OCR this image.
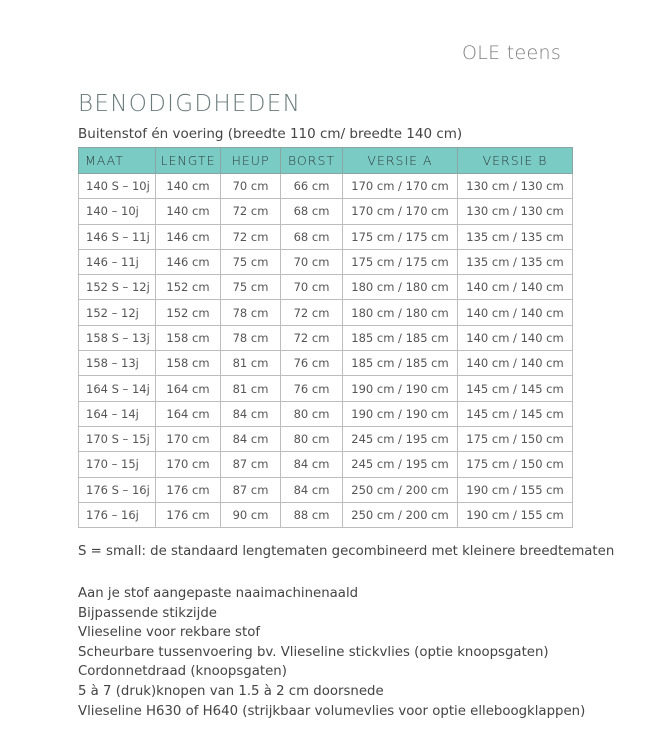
OLE teens
BENODIGDHEDEN
Buitenstof én voering (breedte 110 cm/ breedte 140 cm)
MAAT	LENGTE	HEUP	BORST	VERSIE A	VERSIE B
140 S – 10j	140 cm	70 cm	66 cm	170 cm / 170 cm	130 cm / 130 cm
140 – 10j	140 cm	72 cm	68 cm	170 cm / 170 cm	130 cm / 130 cm
146 S – 11j	146 cm	72 cm	68 cm	175 cm / 175 cm	135 cm / 135 cm
146 – 11j	146 cm	75 cm	70 cm	175 cm / 175 cm	135 cm / 135 cm
152 S – 12j	152 cm	75 cm	70 cm	180 cm / 180 cm	140 cm / 140 cm
152 – 12j	152 cm	78 cm	72 cm	180 cm / 180 cm	140 cm / 140 cm
158 S – 13j	158 cm	78 cm	72 cm	185 cm / 185 cm	140 cm / 140 cm
158 – 13j	158 cm	81 cm	76 cm	185 cm / 185 cm	140 cm / 140 cm
164 S – 14j	164 cm	81 cm	76 cm	190 cm / 190 cm	145 cm / 145 cm
164 – 14j	164 cm	84 cm	80 cm	190 cm / 190 cm	145 cm / 145 cm
170 S – 15j	170 cm	84 cm	80 cm	245 cm / 195 cm	175 cm / 150 cm
170 – 15j	170 cm	87 cm	84 cm	245 cm / 195 cm	175 cm / 150 cm
176 S – 16j	176 cm	87 cm	84 cm	250 cm / 200 cm	190 cm / 155 cm
176 – 16j	176 cm	90 cm	88 cm	250 cm / 200 cm	190 cm / 155 cm
S = small: de standaard lengtematen gecombineerd met kleinere breedtematen
Aan je stof aangepaste naaimachinenaald
Bijpassende stikzijde
Vlieseline voor rekbare stof
Scheurbare tussenvoering bv. Vlieseline stickvlies (optie knoopsgaten)
Cordonnetdraad (knoopsgaten)
5 à 7 (druk)knopen van 1.5 à 2 cm doorsnede
Vlieseline H630 of H640 (strijkbaar volumevlies voor optie elleboogklappen)
